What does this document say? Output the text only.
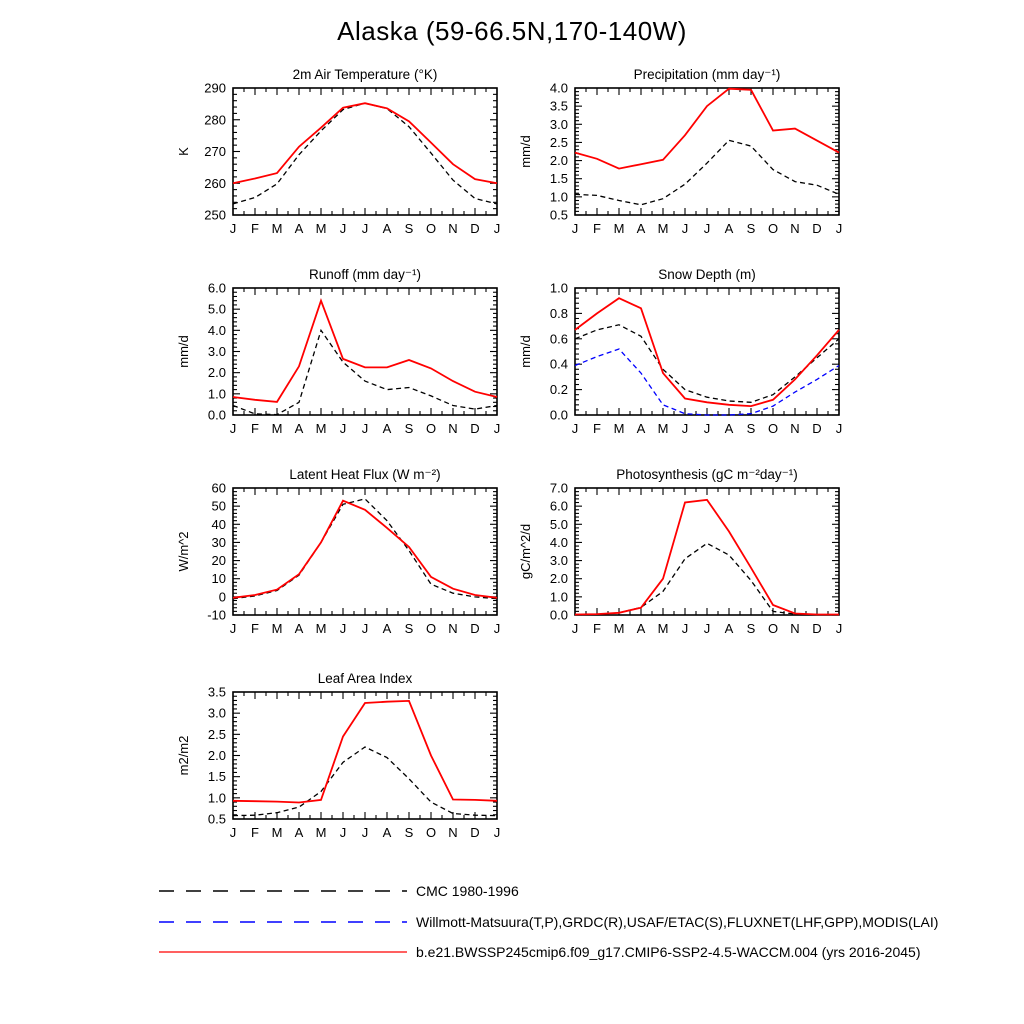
Alaska (59-66.5N,170-140W)
250
260
270
280
290
J F M A M J J A S O N D J
2m Air Temperature (°K)
K
0.5
1.0
1.5
2.0
2.5
3.0
3.5
4.0
J F M A M J J A S O N D J
Precipitation (mm day⁻¹)
mm/d
0.0
1.0
2.0
3.0
4.0
5.0
6.0
J F M A M J J A S O N D J
Runoff (mm day⁻¹)
mm/d
0.0
0.2
0.4
0.6
0.8
1.0
J F M A M J J A S O N D J
Snow Depth (m)
mm/d
-10
0
10
20
30
40
50
60
J F M A M J J A S O N D J
Latent Heat Flux (W m⁻²)
W/m^2
0.0
1.0
2.0
3.0
4.0
5.0
6.0
7.0
J F M A M J J A S O N D J
Photosynthesis (gC m⁻²day⁻¹)
gC/m^2/d
0.5
1.0
1.5
2.0
2.5
3.0
3.5
J F M A M J J A S O N D J
Leaf Area Index
m2/m2
CMC 1980-1996
Willmott-Matsuura(T,P),GRDC(R),USAF/ETAC(S),FLUXNET(LHF,GPP),MODIS(LAI)
b.e21.BWSSP245cmip6.f09_g17.CMIP6-SSP2-4.5-WACCM.004 (yrs 2016-2045)
